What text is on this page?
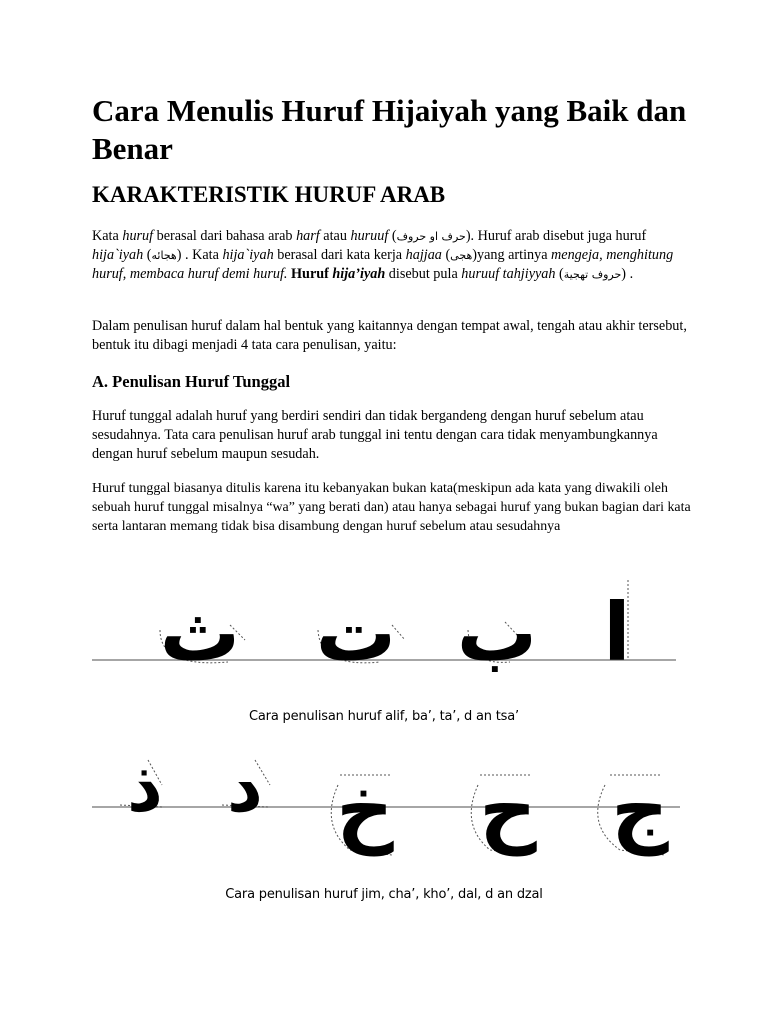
Cara Menulis Huruf Hijaiyah yang Baik dan Benar
KARAKTERISTIK HURUF ARAB

Kata huruf berasal dari bahasa arab harf atau huruuf (حرف او حروف). Huruf arab disebut juga huruf hija`iyah (هجائه) . Kata hija`iyah berasal dari kata kerja hajjaa (هجى)yang artinya mengeja, menghitung huruf, membaca huruf demi huruf. Huruf hija’iyah disebut pula huruuf tahjiyyah (حروف تهجية) .

Dalam penulisan huruf dalam hal bentuk yang kaitannya dengan tempat awal, tengah atau akhir tersebut, bentuk itu dibagi menjadi 4 tata cara penulisan, yaitu:

A. Penulisan Huruf Tunggal

Huruf tunggal adalah huruf yang berdiri sendiri dan tidak bergandeng dengan huruf sebelum atau sesudahnya. Tata cara penulisan huruf arab tunggal ini tentu dengan cara tidak menyambungkannya dengan huruf sebelum maupun sesudah.

Huruf tunggal biasanya ditulis karena itu kebanyakan bukan kata(meskipun ada kata yang diwakili oleh sebuah huruf tunggal misalnya “wa” yang berati dan) atau hanya sebagai huruf yang bukan bagian dari kata serta lantaran memang tidak bisa disambung dengan huruf sebelum atau sesudahnya

ا
ب
ت
ث
Cara penulisan huruf alif, ba’, ta’, d an tsa’
ج
ح
خ
د
ذ
Cara penulisan huruf jim, cha’, kho’, dal, d an dzal
